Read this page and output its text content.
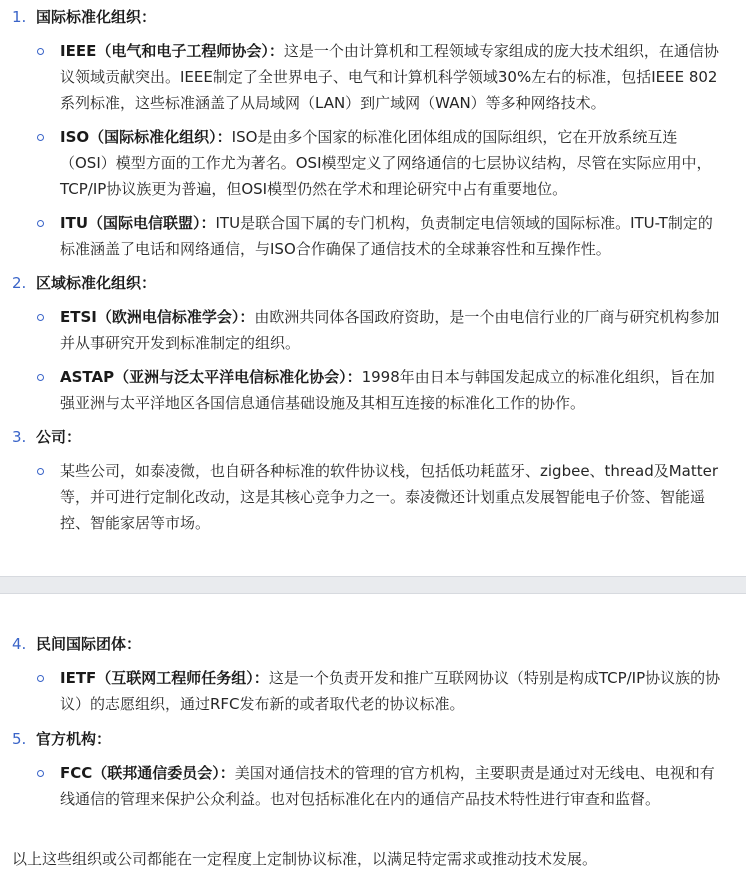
1. 国际标准化组织：
IEEE（电气和电子工程师协会）：这是一个由计算机和工程领域专家组成的庞大技术组织，在通信协议领域贡献突出。IEEE制定了全世界电子、电气和计算机科学领域30%左右的标准，包括IEEE 802系列标准，这些标准涵盖了从局域网（LAN）到广域网（WAN）等多种网络技术。
ISO（国际标准化组织）：ISO是由多个国家的标准化团体组成的国际组织，它在开放系统互连（OSI）模型方面的工作尤为著名。OSI模型定义了网络通信的七层协议结构，尽管在实际应用中，TCP/IP协议族更为普遍，但OSI模型仍然在学术和理论研究中占有重要地位。
ITU（国际电信联盟）：ITU是联合国下属的专门机构，负责制定电信领域的国际标准。ITU-T制定的标准涵盖了电话和网络通信，与ISO合作确保了通信技术的全球兼容性和互操作性。
2. 区域标准化组织：
ETSI（欧洲电信标准学会）：由欧洲共同体各国政府资助，是一个由电信行业的厂商与研究机构参加并从事研究开发到标准制定的组织。
ASTAP（亚洲与泛太平洋电信标准化协会）：1998年由日本与韩国发起成立的标准化组织，旨在加强亚洲与太平洋地区各国信息通信基础设施及其相互连接的标准化工作的协作。
3. 公司：
某些公司，如泰凌微，也自研各种标准的软件协议栈，包括低功耗蓝牙、zigbee、thread及Matter等，并可进行定制化改动，这是其核心竞争力之一。泰凌微还计划重点发展智能电子价签、智能遥控、智能家居等市场。
4. 民间国际团体：
IETF（互联网工程师任务组）：这是一个负责开发和推广互联网协议（特别是构成TCP/IP协议族的协议）的志愿组织，通过RFC发布新的或者取代老的协议标准。
5. 官方机构：
FCC（联邦通信委员会）：美国对通信技术的管理的官方机构，主要职责是通过对无线电、电视和有线通信的管理来保护公众利益。也对包括标准化在内的通信产品技术特性进行审查和监督。
以上这些组织或公司都能在一定程度上定制协议标准，以满足特定需求或推动技术发展。
